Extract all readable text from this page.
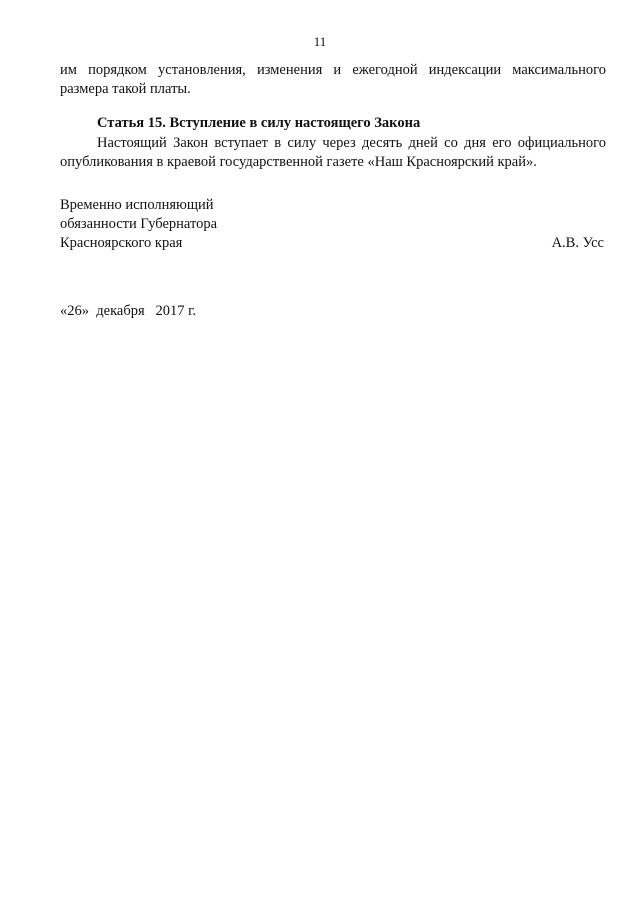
11

им порядком установления, изменения и ежегодной индексации максимального
размера такой платы.

Статья 15. Вступление в силу настоящего Закона

Настоящий Закон вступает в силу через десять дней со дня его официального
опубликования в краевой государственной газете «Наш Красноярский край».

Временно исполняющий
обязанности Губернатора
Красноярского края	А.В. Усс
«26»  декабря   2017 г.
